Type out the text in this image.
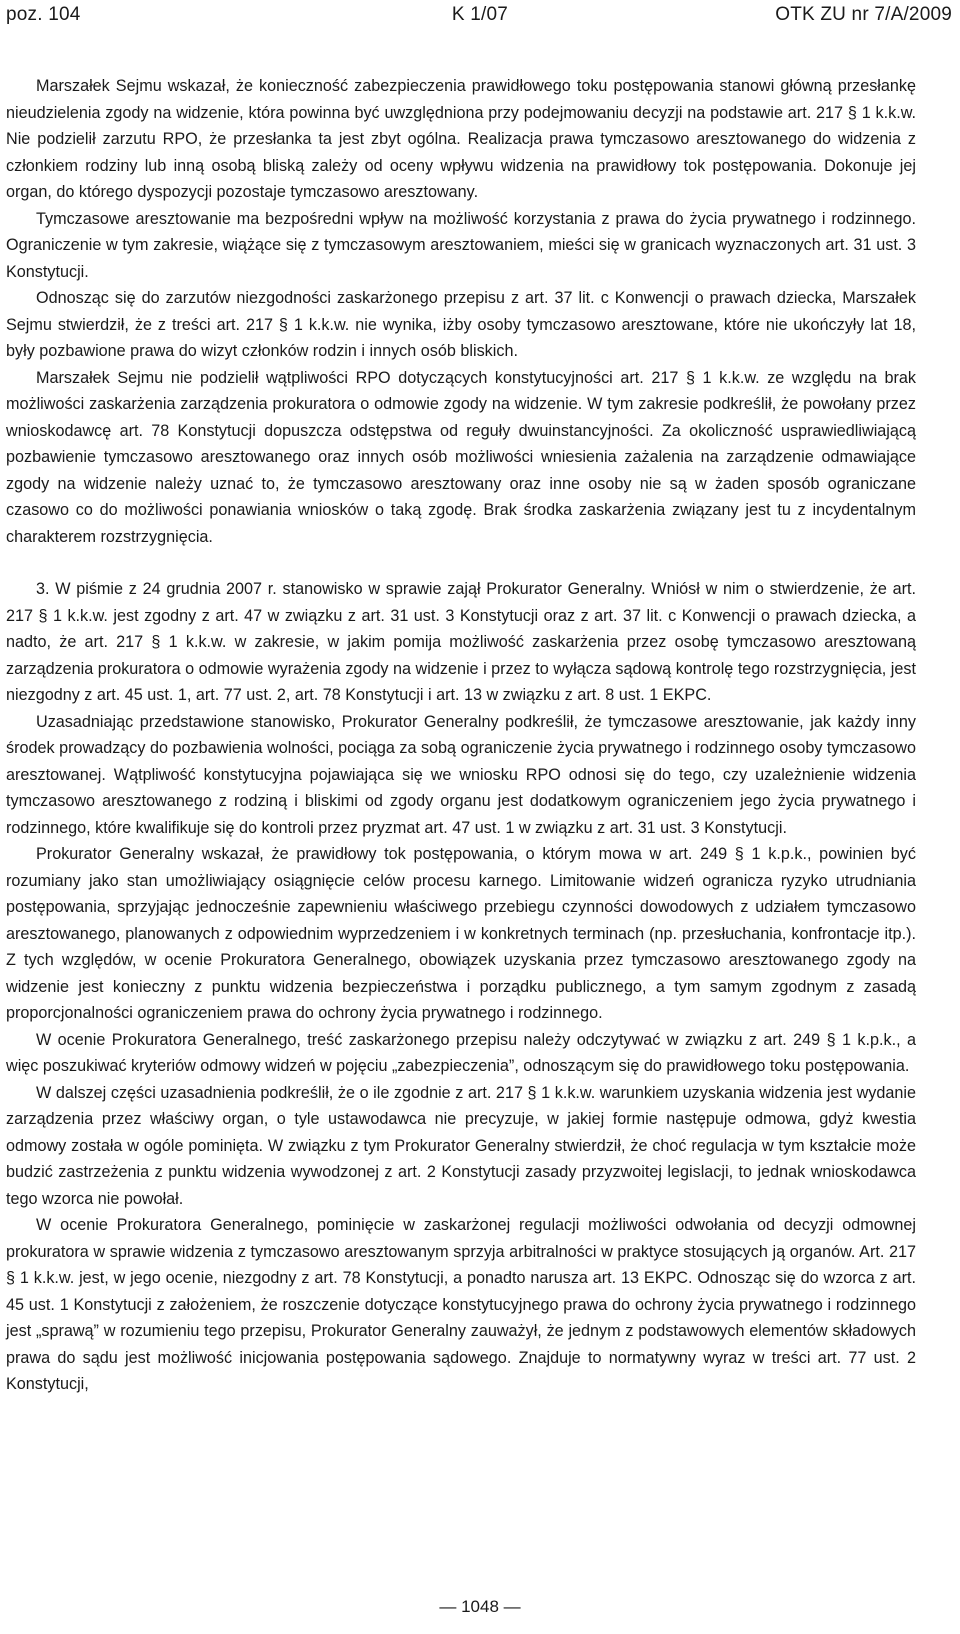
poz. 104	K 1/07	OTK ZU nr 7/A/2009

Marszałek Sejmu wskazał, że konieczność zabezpieczenia prawidłowego toku postępowania stanowi główną przesłankę nieudzielenia zgody na widzenie, która powinna być uwzględniona przy podejmowaniu decyzji na podstawie art. 217 § 1 k.k.w. Nie podzielił zarzutu RPO, że przesłanka ta jest zbyt ogólna. Realizacja prawa tymczasowo aresztowanego do widzenia z członkiem rodziny lub inną osobą bliską zależy od oceny wpływu widzenia na prawidłowy tok postępowania. Dokonuje jej organ, do którego dyspozycji pozostaje tymczasowo aresztowany.

Tymczasowe aresztowanie ma bezpośredni wpływ na możliwość korzystania z prawa do życia prywatnego i rodzinnego. Ograniczenie w tym zakresie, wiążące się z tymczasowym aresztowaniem, mieści się w granicach wyznaczonych art. 31 ust. 3 Konstytucji.

Odnosząc się do zarzutów niezgodności zaskarżonego przepisu z art. 37 lit. c Konwencji o prawach dziecka, Marszałek Sejmu stwierdził, że z treści art. 217 § 1 k.k.w. nie wynika, iżby osoby tymczasowo aresztowane, które nie ukończyły lat 18, były pozbawione prawa do wizyt członków rodzin i innych osób bliskich.

Marszałek Sejmu nie podzielił wątpliwości RPO dotyczących konstytucyjności art. 217 § 1 k.k.w. ze względu na brak możliwości zaskarżenia zarządzenia prokuratora o odmowie zgody na widzenie. W tym zakresie podkreślił, że powołany przez wnioskodawcę art. 78 Konstytucji dopuszcza odstępstwa od reguły dwuinstancyjności. Za okoliczność usprawiedliwiającą pozbawienie tymczasowo aresztowanego oraz innych osób możliwości wniesienia zażalenia na zarządzenie odmawiające zgody na widzenie należy uznać to, że tymczasowo aresztowany oraz inne osoby nie są w żaden sposób ograniczane czasowo co do możliwości ponawiania wniosków o taką zgodę. Brak środka zaskarżenia związany jest tu z incydentalnym charakterem rozstrzygnięcia.

3. W piśmie z 24 grudnia 2007 r. stanowisko w sprawie zajął Prokurator Generalny. Wniósł w nim o stwierdzenie, że art. 217 § 1 k.k.w. jest zgodny z art. 47 w związku z art. 31 ust. 3 Konstytucji oraz z art. 37 lit. c Konwencji o prawach dziecka, a nadto, że art. 217 § 1 k.k.w. w zakresie, w jakim pomija możliwość zaskarżenia przez osobę tymczasowo aresztowaną zarządzenia prokuratora o odmowie wyrażenia zgody na widzenie i przez to wyłącza sądową kontrolę tego rozstrzygnięcia, jest niezgodny z art. 45 ust. 1, art. 77 ust. 2, art. 78 Konstytucji i art. 13 w związku z art. 8 ust. 1 EKPC.

Uzasadniając przedstawione stanowisko, Prokurator Generalny podkreślił, że tymczasowe aresztowanie, jak każdy inny środek prowadzący do pozbawienia wolności, pociąga za sobą ograniczenie życia prywatnego i rodzinnego osoby tymczasowo aresztowanej. Wątpliwość konstytucyjna pojawiająca się we wniosku RPO odnosi się do tego, czy uzależnienie widzenia tymczasowo aresztowanego z rodziną i bliskimi od zgody organu jest dodatkowym ograniczeniem jego życia prywatnego i rodzinnego, które kwalifikuje się do kontroli przez pryzmat art. 47 ust. 1 w związku z art. 31 ust. 3 Konstytucji.

Prokurator Generalny wskazał, że prawidłowy tok postępowania, o którym mowa w art. 249 § 1 k.p.k., powinien być rozumiany jako stan umożliwiający osiągnięcie celów procesu karnego. Limitowanie widzeń ogranicza ryzyko utrudniania postępowania, sprzyjając jednocześnie zapewnieniu właściwego przebiegu czynności dowodowych z udziałem tymczasowo aresztowanego, planowanych z odpowiednim wyprzedzeniem i w konkretnych terminach (np. przesłuchania, konfrontacje itp.). Z tych względów, w ocenie Prokuratora Generalnego, obowiązek uzyskania przez tymczasowo aresztowanego zgody na widzenie jest konieczny z punktu widzenia bezpieczeństwa i porządku publicznego, a tym samym zgodnym z zasadą proporcjonalności ograniczeniem prawa do ochrony życia prywatnego i rodzinnego.

W ocenie Prokuratora Generalnego, treść zaskarżonego przepisu należy odczytywać w związku z art. 249 § 1 k.p.k., a więc poszukiwać kryteriów odmowy widzeń w pojęciu „zabezpieczenia”, odnoszącym się do prawidłowego toku postępowania.

W dalszej części uzasadnienia podkreślił, że o ile zgodnie z art. 217 § 1 k.k.w. warunkiem uzyskania widzenia jest wydanie zarządzenia przez właściwy organ, o tyle ustawodawca nie precyzuje, w jakiej formie następuje odmowa, gdyż kwestia odmowy została w ogóle pominięta. W związku z tym Prokurator Generalny stwierdził, że choć regulacja w tym kształcie może budzić zastrzeżenia z punktu widzenia wywodzonej z art. 2 Konstytucji zasady przyzwoitej legislacji, to jednak wnioskodawca tego wzorca nie powołał.

W ocenie Prokuratora Generalnego, pominięcie w zaskarżonej regulacji możliwości odwołania od decyzji odmownej prokuratora w sprawie widzenia z tymczasowo aresztowanym sprzyja arbitralności w praktyce stosujących ją organów. Art. 217 § 1 k.k.w. jest, w jego ocenie, niezgodny z art. 78 Konstytucji, a ponadto narusza art. 13 EKPC. Odnosząc się do wzorca z art. 45 ust. 1 Konstytucji z założeniem, że roszczenie dotyczące konstytucyjnego prawa do ochrony życia prywatnego i rodzinnego jest „sprawą” w rozumieniu tego przepisu, Prokurator Generalny zauważył, że jednym z podstawowych elementów składowych prawa do sądu jest możliwość inicjowania postępowania sądowego. Znajduje to normatywny wyraz w treści art. 77 ust. 2 Konstytucji,

— 1048 —
